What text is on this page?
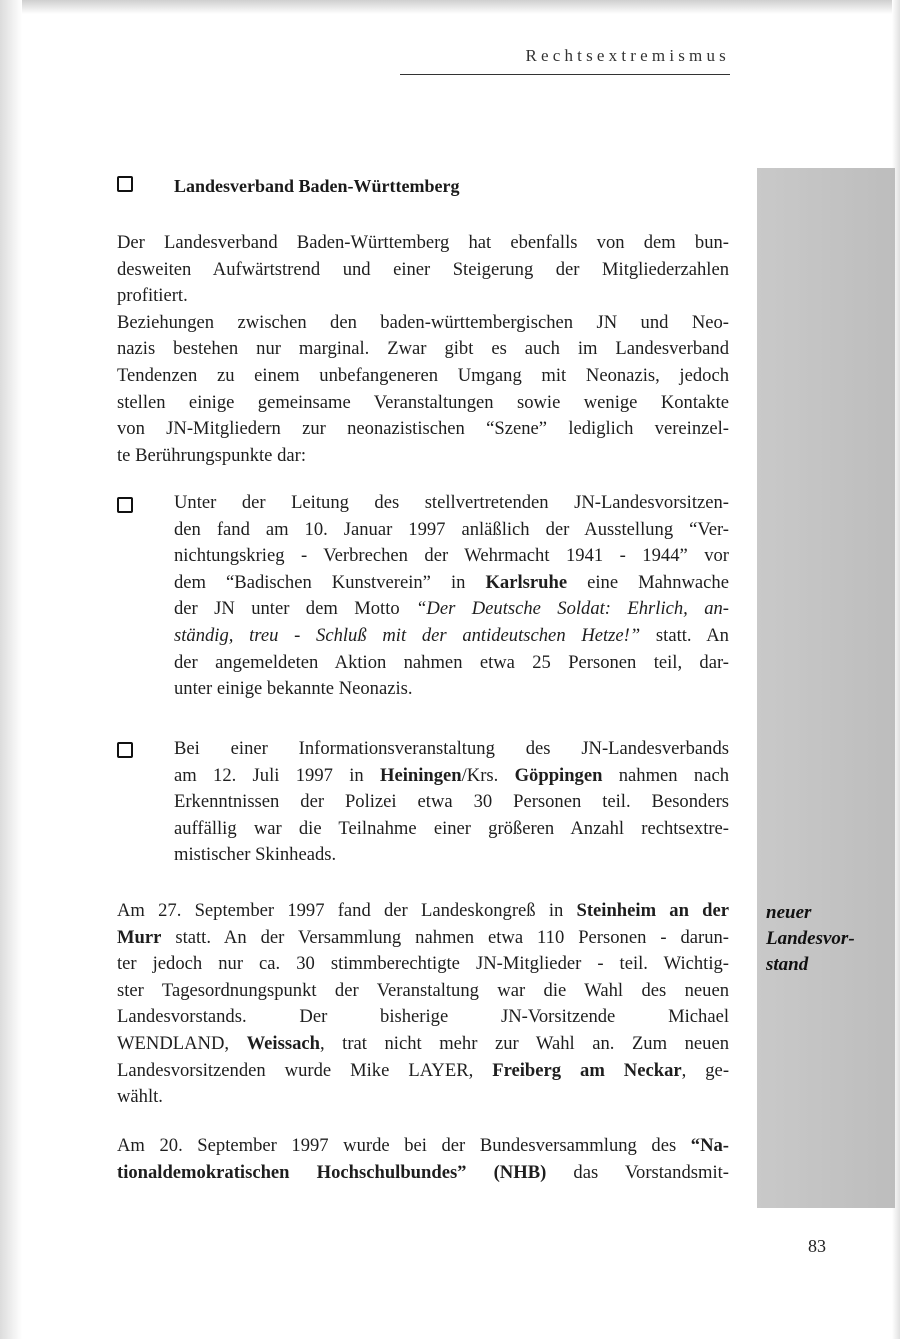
Rechtsextremismus
Landesverband Baden-Württemberg
Der Landesverband Baden-Württemberg hat ebenfalls von dem bun-
desweiten Aufwärtstrend und einer Steigerung der Mitgliederzahlen
profitiert.
Beziehungen zwischen den baden-württembergischen JN und Neo-
nazis bestehen nur marginal. Zwar gibt es auch im Landesverband
Tendenzen zu einem unbefangeneren Umgang mit Neonazis, jedoch
stellen einige gemeinsame Veranstaltungen sowie wenige Kontakte
von JN-Mitgliedern zur neonazistischen “Szene” lediglich vereinzel-
te Berührungspunkte dar:
Unter der Leitung des stellvertretenden JN-Landesvorsitzen-
den fand am 10. Januar 1997 anläßlich der Ausstellung “Ver-
nichtungskrieg - Verbrechen der Wehrmacht 1941 - 1944” vor
dem “Badischen Kunstverein” in Karlsruhe eine Mahnwache
der JN unter dem Motto “Der Deutsche Soldat: Ehrlich, an-
ständig, treu - Schluß mit der antideutschen Hetze!” statt. An
der angemeldeten Aktion nahmen etwa 25 Personen teil, dar-
unter einige bekannte Neonazis.
Bei einer Informationsveranstaltung des JN-Landesverbands
am 12. Juli 1997 in Heiningen/Krs. Göppingen nahmen nach
Erkenntnissen der Polizei etwa 30 Personen teil. Besonders
auffällig war die Teilnahme einer größeren Anzahl rechtsextre-
mistischer Skinheads.
Am 27. September 1997 fand der Landeskongreß in Steinheim an der
Murr statt. An der Versammlung nahmen etwa 110 Personen - darun-
ter jedoch nur ca. 30 stimmberechtigte JN-Mitglieder - teil. Wichtig-
ster Tagesordnungspunkt der Veranstaltung war die Wahl des neuen
Landesvorstands. Der bisherige JN-Vorsitzende Michael
WENDLAND, Weissach, trat nicht mehr zur Wahl an. Zum neuen
Landesvorsitzenden wurde Mike LAYER, Freiberg am Neckar, ge-
wählt.
Am 20. September 1997 wurde bei der Bundesversammlung des “Na-
tionaldemokratischen Hochschulbundes” (NHB) das Vorstandsmit-
neuer
Landesvor-
stand
83
